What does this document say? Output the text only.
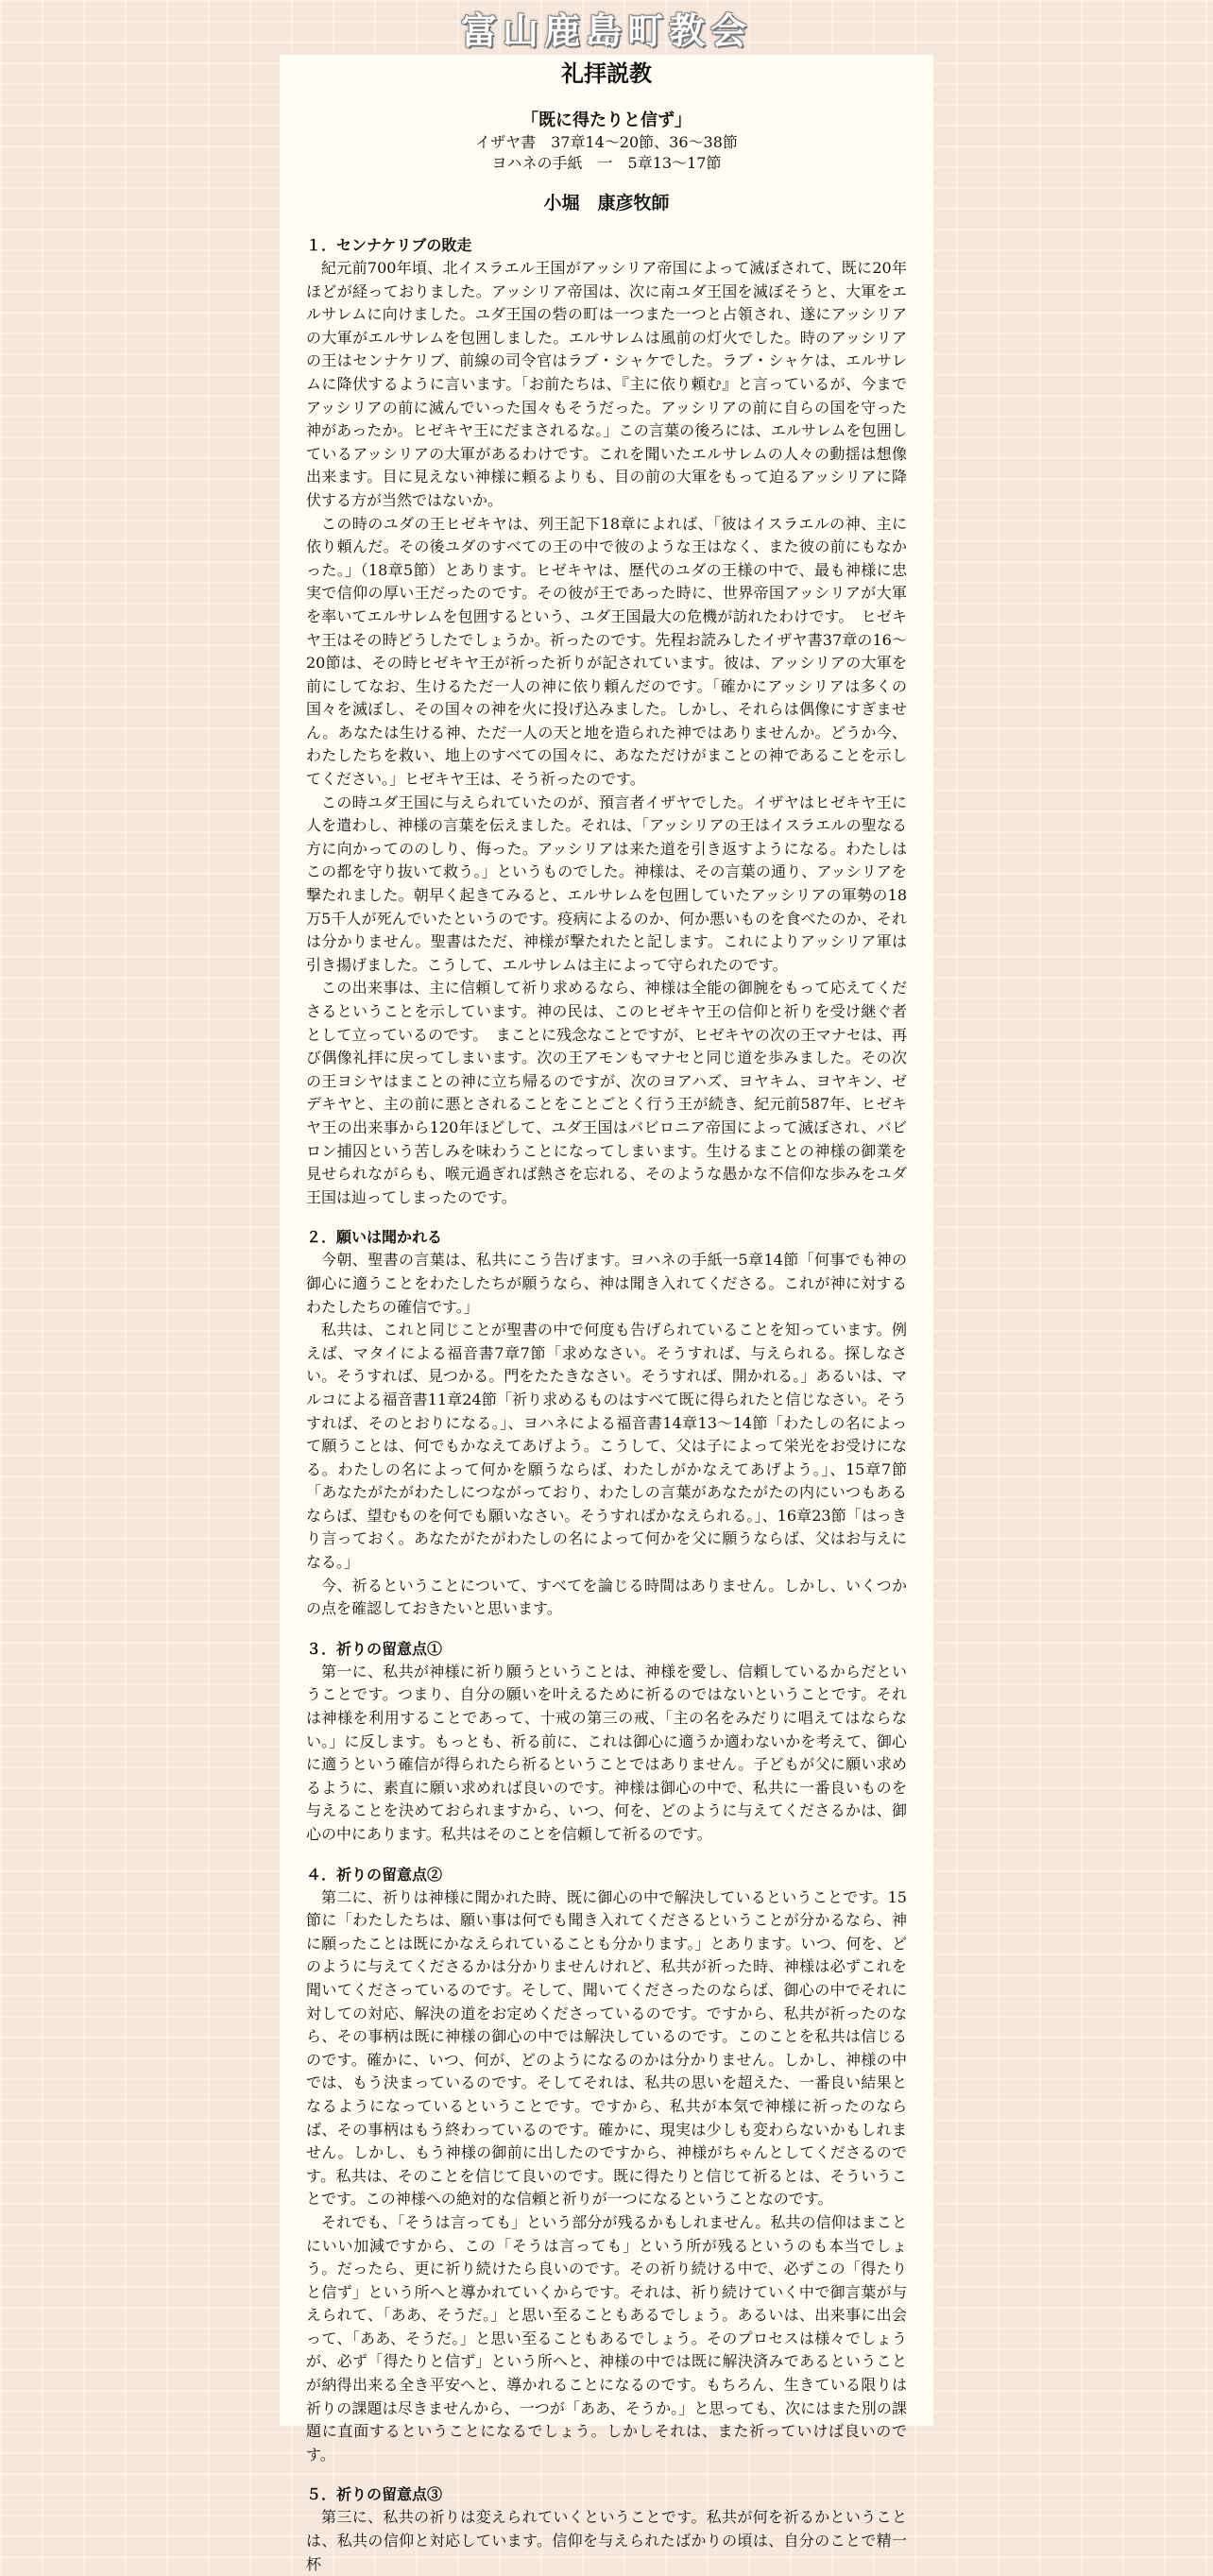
富山鹿島町教会
礼拝説教
「既に得たりと信ず」
イザヤ書　37章14～20節、36～38節
ヨハネの手紙　一　5章13～17節
小堀　康彦牧師
１．センナケリブの敗走

紀元前700年頃、北イスラエル王国がアッシリア帝国によって滅ぼされて、既に20年ほどが経っておりました。アッシリア帝国は、次に南ユダ王国を滅ぼそうと、大軍をエルサレムに向けました。ユダ王国の砦の町は一つまた一つと占領され、遂にアッシリアの大軍がエルサレムを包囲しました。エルサレムは風前の灯火でした。時のアッシリアの王はセンナケリブ、前線の司令官はラブ・シャケでした。ラブ・シャケは、エルサレムに降伏するように言います。「お前たちは、『主に依り頼む』と言っているが、今までアッシリアの前に滅んでいった国々もそうだった。アッシリアの前に自らの国を守った神があったか。ヒゼキヤ王にだまされるな。」この言葉の後ろには、エルサレムを包囲しているアッシリアの大軍があるわけです。これを聞いたエルサレムの人々の動揺は想像出来ます。目に見えない神様に頼るよりも、目の前の大軍をもって迫るアッシリアに降伏する方が当然ではないか。

この時のユダの王ヒゼキヤは、列王記下18章によれば、「彼はイスラエルの神、主に依り頼んだ。その後ユダのすべての王の中で彼のような王はなく、また彼の前にもなかった。」（18章5節）とあります。ヒゼキヤは、歴代のユダの王様の中で、最も神様に忠実で信仰の厚い王だったのです。その彼が王であった時に、世界帝国アッシリアが大軍を率いてエルサレムを包囲するという、ユダ王国最大の危機が訪れたわけです。　ヒゼキヤ王はその時どうしたでしょうか。祈ったのです。先程お読みしたイザヤ書37章の16～20節は、その時ヒゼキヤ王が祈った祈りが記されています。彼は、アッシリアの大軍を前にしてなお、生けるただ一人の神に依り頼んだのです。「確かにアッシリアは多くの国々を滅ぼし、その国々の神を火に投げ込みました。しかし、それらは偶像にすぎません。あなたは生ける神、ただ一人の天と地を造られた神ではありませんか。どうか今、わたしたちを救い、地上のすべての国々に、あなただけがまことの神であることを示してください。」ヒゼキヤ王は、そう祈ったのです。

この時ユダ王国に与えられていたのが、預言者イザヤでした。イザヤはヒゼキヤ王に人を遣わし、神様の言葉を伝えました。それは、「アッシリアの王はイスラエルの聖なる方に向かってののしり、侮った。アッシリアは来た道を引き返すようになる。わたしはこの都を守り抜いて救う。」というものでした。神様は、その言葉の通り、アッシリアを撃たれました。朝早く起きてみると、エルサレムを包囲していたアッシリアの軍勢の18万5千人が死んでいたというのです。疫病によるのか、何か悪いものを食べたのか、それは分かりません。聖書はただ、神様が撃たれたと記します。これによりアッシリア軍は引き揚げました。こうして、エルサレムは主によって守られたのです。

この出来事は、主に信頼して祈り求めるなら、神様は全能の御腕をもって応えてくださるということを示しています。神の民は、このヒゼキヤ王の信仰と祈りを受け継ぐ者として立っているのです。　まことに残念なことですが、ヒゼキヤの次の王マナセは、再び偶像礼拝に戻ってしまいます。次の王アモンもマナセと同じ道を歩みました。その次の王ヨシヤはまことの神に立ち帰るのですが、次のヨアハズ、ヨヤキム、ヨヤキン、ゼデキヤと、主の前に悪とされることをことごとく行う王が続き、紀元前587年、ヒゼキヤ王の出来事から120年ほどして、ユダ王国はバビロニア帝国によって滅ぼされ、バビロン捕囚という苦しみを味わうことになってしまいます。生けるまことの神様の御業を見せられながらも、喉元過ぎれば熱さを忘れる、そのような愚かな不信仰な歩みをユダ王国は辿ってしまったのです。

２．願いは聞かれる

今朝、聖書の言葉は、私共にこう告げます。ヨハネの手紙一5章14節「何事でも神の御心に適うことをわたしたちが願うなら、神は聞き入れてくださる。これが神に対するわたしたちの確信です。」

私共は、これと同じことが聖書の中で何度も告げられていることを知っています。例えば、マタイによる福音書7章7節「求めなさい。そうすれば、与えられる。探しなさい。そうすれば、見つかる。門をたたきなさい。そうすれば、開かれる。」あるいは、マルコによる福音書11章24節「祈り求めるものはすべて既に得られたと信じなさい。そうすれば、そのとおりになる。」、ヨハネによる福音書14章13～14節「わたしの名によって願うことは、何でもかなえてあげよう。こうして、父は子によって栄光をお受けになる。わたしの名によって何かを願うならば、わたしがかなえてあげよう。」、15章7節「あなたがたがわたしにつながっており、わたしの言葉があなたがたの内にいつもあるならば、望むものを何でも願いなさい。そうすればかなえられる。」、16章23節「はっきり言っておく。あなたがたがわたしの名によって何かを父に願うならば、父はお与えになる。」

今、祈るということについて、すべてを論じる時間はありません。しかし、いくつかの点を確認しておきたいと思います。

３．祈りの留意点①

第一に、私共が神様に祈り願うということは、神様を愛し、信頼しているからだということです。つまり、自分の願いを叶えるために祈るのではないということです。それは神様を利用することであって、十戒の第三の戒、「主の名をみだりに唱えてはならない。」に反します。もっとも、祈る前に、これは御心に適うか適わないかを考えて、御心に適うという確信が得られたら祈るということではありません。子どもが父に願い求めるように、素直に願い求めれば良いのです。神様は御心の中で、私共に一番良いものを与えることを決めておられますから、いつ、何を、どのように与えてくださるかは、御心の中にあります。私共はそのことを信頼して祈るのです。

４．祈りの留意点②

第二に、祈りは神様に聞かれた時、既に御心の中で解決しているということです。15節に「わたしたちは、願い事は何でも聞き入れてくださるということが分かるなら、神に願ったことは既にかなえられていることも分かります。」とあります。いつ、何を、どのように与えてくださるかは分かりませんけれど、私共が祈った時、神様は必ずこれを聞いてくださっているのです。そして、聞いてくださったのならば、御心の中でそれに対しての対応、解決の道をお定めくださっているのです。ですから、私共が祈ったのなら、その事柄は既に神様の御心の中では解決しているのです。このことを私共は信じるのです。確かに、いつ、何が、どのようになるのかは分かりません。しかし、神様の中では、もう決まっているのです。そしてそれは、私共の思いを超えた、一番良い結果となるようになっているということです。ですから、私共が本気で神様に祈ったのならば、その事柄はもう終わっているのです。確かに、現実は少しも変わらないかもしれません。しかし、もう神様の御前に出したのですから、神様がちゃんとしてくださるのです。私共は、そのことを信じて良いのです。既に得たりと信じて祈るとは、そういうことです。この神様への絶対的な信頼と祈りが一つになるということなのです。

それでも、「そうは言っても」という部分が残るかもしれません。私共の信仰はまことにいい加減ですから、この「そうは言っても」という所が残るというのも本当でしょう。だったら、更に祈り続けたら良いのです。その祈り続ける中で、必ずこの「得たりと信ず」という所へと導かれていくからです。それは、祈り続けていく中で御言葉が与えられて、「ああ、そうだ。」と思い至ることもあるでしょう。あるいは、出来事に出会って、「ああ、そうだ。」と思い至ることもあるでしょう。そのプロセスは様々でしょうが、必ず「得たりと信ず」という所へと、神様の中では既に解決済みであるということが納得出来る全き平安へと、導かれることになるのです。もちろん、生きている限りは祈りの課題は尽きませんから、一つが「ああ、そうか。」と思っても、次にはまた別の課題に直面するということになるでしょう。しかしそれは、また祈っていけば良いのです。

５．祈りの留意点③

第三に、私共の祈りは変えられていくということです。私共が何を祈るかということは、私共の信仰と対応しています。信仰を与えられたばかりの頃は、自分のことで精一杯
